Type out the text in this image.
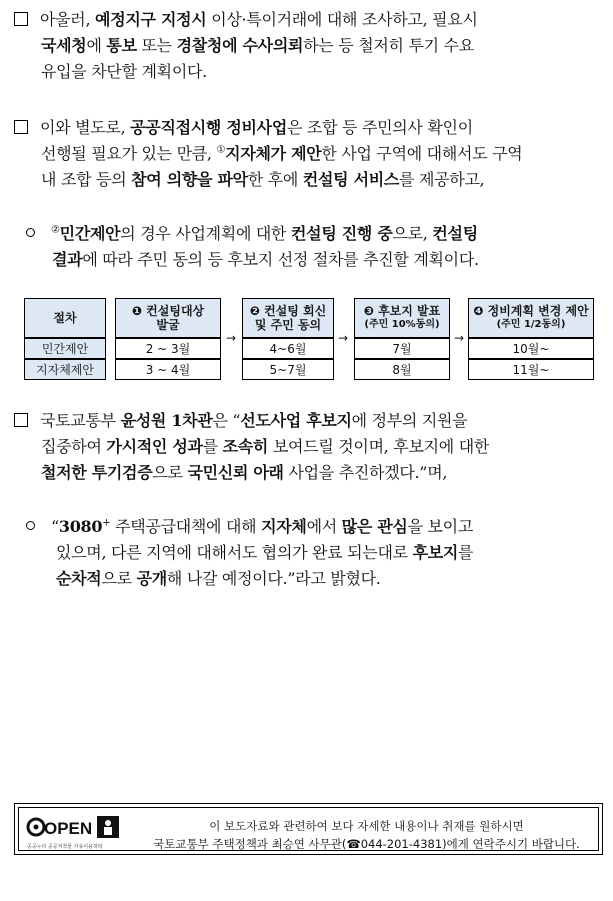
아울러, 예정지구 지정시 이상·특이거래에 대해 조사하고, 필요시
국세청에 통보 또는 경찰청에 수사의뢰하는 등 철저히 투기 수요
유입을 차단할 계획이다.
이와 별도로, 공공직접시행 정비사업은 조합 등 주민의사 확인이
선행될 필요가 있는 만큼, ①지자체가 제안한 사업 구역에 대해서도 구역
내 조합 등의 참여 의향을 파악한 후에 컨설팅 서비스를 제공하고,
②민간제안의 경우 사업계획에 대한 컨설팅 진행 중으로, 컨설팅
결과에 따라 주민 동의 등 후보지 선정 절차를 추진할 계획이다.
절차
민간제안
지자체제안
❶ 컨설팅대상
발굴
❷ 컨설팅 회신
및 주민 동의
❸ 후보지 발표
(주민 10%동의)
❹ 정비계획 변경 제안
(주민 1/2동의)
2 ~ 3월
3 ~ 4월
4~6월
5~7월
7월
8월
10월~
11월~
→	→	→
국토교통부 윤성원 1차관은 “선도사업 후보지에 정부의 지원을
집중하여 가시적인 성과를 조속히 보여드릴 것이며, 후보지에 대한
철저한 투기검증으로 국민신뢰 아래 사업을 추진하겠다.”며,
“3080+ 주택공급대책에 대해 지자체에서 많은 관심을 보이고
있으며, 다른 지역에 대해서도 협의가 완료 되는대로 후보지를
순차적으로 공개해 나갈 예정이다.”라고 밝혔다.
OPEN
공공누리 공공저작물 자유이용허락
이 보도자료와 관련하여 보다 자세한 내용이나 취재를 원하시면
국토교통부 주택정책과 최승연 사무관(☎044-201-4381)에게 연락주시기 바랍니다.
